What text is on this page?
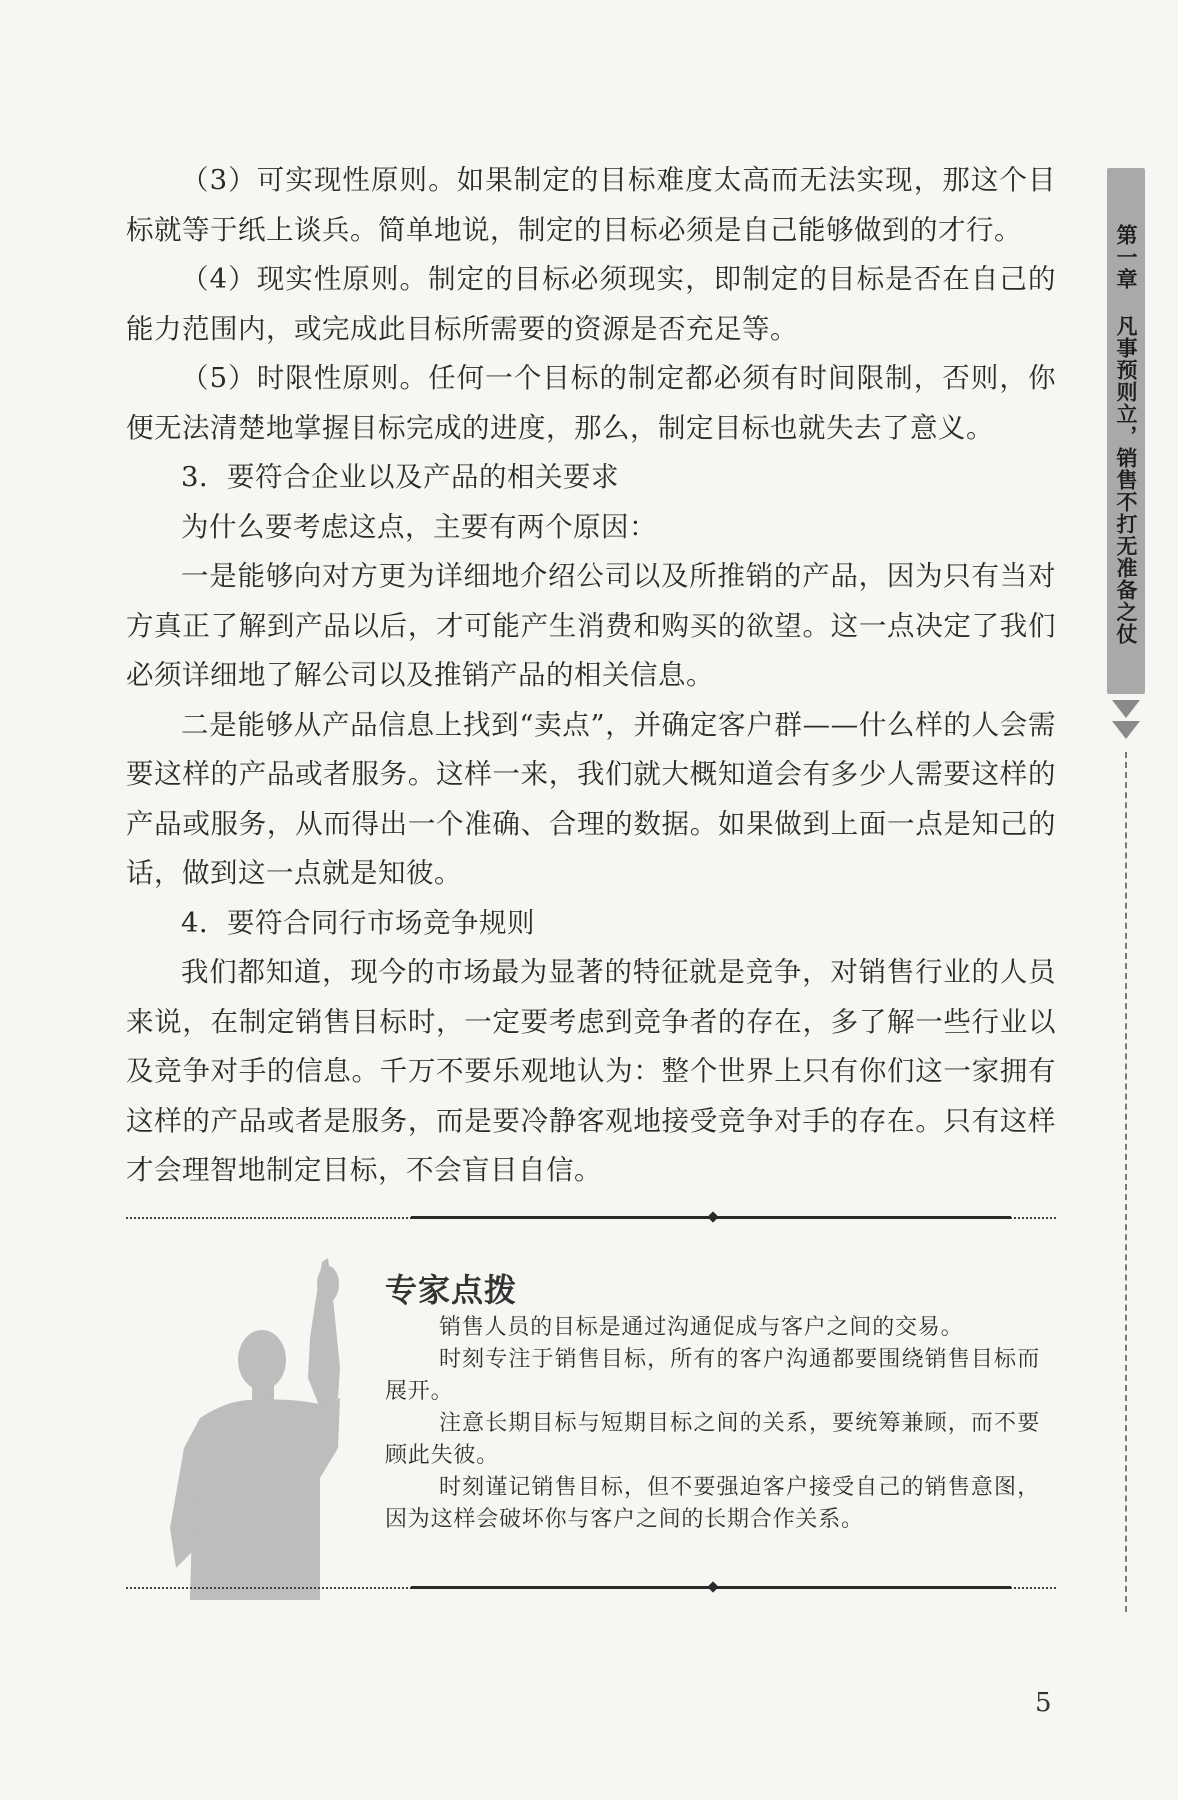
（3）可实现性原则。如果制定的目标难度太高而无法实现，那这个目标就等于纸上谈兵。简单地说，制定的目标必须是自己能够做到的才行。

（4）现实性原则。制定的目标必须现实，即制定的目标是否在自己的能力范围内，或完成此目标所需要的资源是否充足等。

（5）时限性原则。任何一个目标的制定都必须有时间限制，否则，你便无法清楚地掌握目标完成的进度，那么，制定目标也就失去了意义。

3．要符合企业以及产品的相关要求

为什么要考虑这点，主要有两个原因：

一是能够向对方更为详细地介绍公司以及所推销的产品，因为只有当对方真正了解到产品以后，才可能产生消费和购买的欲望。这一点决定了我们必须详细地了解公司以及推销产品的相关信息。

二是能够从产品信息上找到“卖点”，并确定客户群——什么样的人会需要这样的产品或者服务。这样一来，我们就大概知道会有多少人需要这样的产品或服务，从而得出一个准确、合理的数据。如果做到上面一点是知己的话，做到这一点就是知彼。

4．要符合同行市场竞争规则

我们都知道，现今的市场最为显著的特征就是竞争，对销售行业的人员来说，在制定销售目标时，一定要考虑到竞争者的存在，多了解一些行业以及竞争对手的信息。千万不要乐观地认为：整个世界上只有你们这一家拥有这样的产品或者是服务，而是要冷静客观地接受竞争对手的存在。只有这样才会理智地制定目标，不会盲目自信。

第一章 凡事预则立，销售不打无准备之仗
专家点拨

销售人员的目标是通过沟通促成与客户之间的交易。

时刻专注于销售目标，所有的客户沟通都要围绕销售目标而展开。

注意长期目标与短期目标之间的关系，要统筹兼顾，而不要顾此失彼。

时刻谨记销售目标，但不要强迫客户接受自己的销售意图，因为这样会破坏你与客户之间的长期合作关系。

5
